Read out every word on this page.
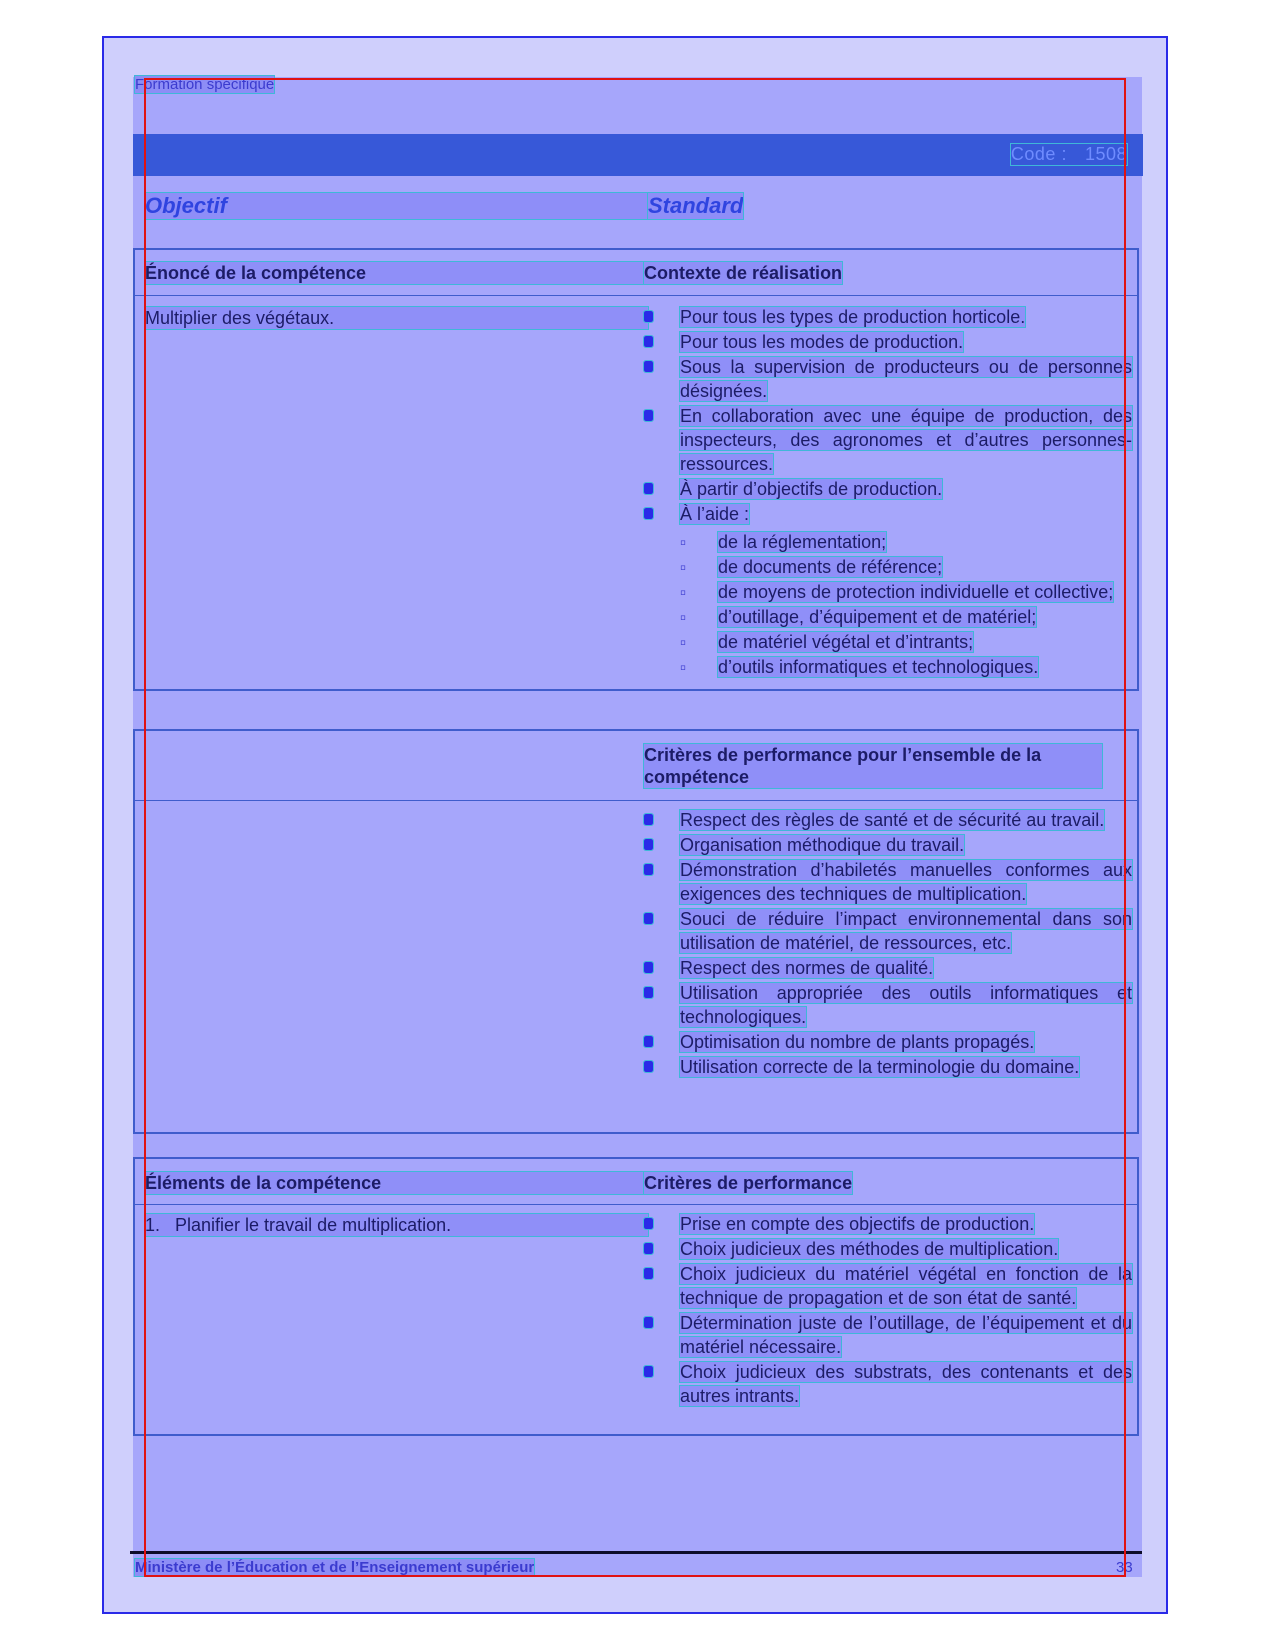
Formation spécifique
Code : 1508
Objectif	Standard
Énoncé de la compétence	Contexte de réalisation
Multiplier des végétaux.	Pour tous les types de production horticole.
Pour tous les modes de production.
Sous la supervision de producteurs ou de personnes désignées.
En collaboration avec une équipe de production, des inspecteurs, des agronomes et d’autres personnes-ressources.
À partir d’objectifs de production.
À l’aide :
▫ de la réglementation;
▫ de documents de référence;
▫ de moyens de protection individuelle et collective;
▫ d’outillage, d’équipement et de matériel;
▫ de matériel végétal et d’intrants;
▫ d’outils informatiques et technologiques.
Critères de performance pour l’ensemble de la compétence
Respect des règles de santé et de sécurité au travail.
Organisation méthodique du travail.
Démonstration d’habiletés manuelles conformes aux exigences des techniques de multiplication.
Souci de réduire l’impact environnemental dans son utilisation de matériel, de ressources, etc.
Respect des normes de qualité.
Utilisation appropriée des outils informatiques et technologiques.
Optimisation du nombre de plants propagés.
Utilisation correcte de la terminologie du domaine.
Éléments de la compétence	Critères de performance
1.   Planifier le travail de multiplication.	Prise en compte des objectifs de production.
Choix judicieux des méthodes de multiplication.
Choix judicieux du matériel végétal en fonction de la technique de propagation et de son état de santé.
Détermination juste de l’outillage, de l’équipement et du matériel nécessaire.
Choix judicieux des substrats, des contenants et des autres intrants.
Ministère de l’Éducation et de l’Enseignement supérieur	33
